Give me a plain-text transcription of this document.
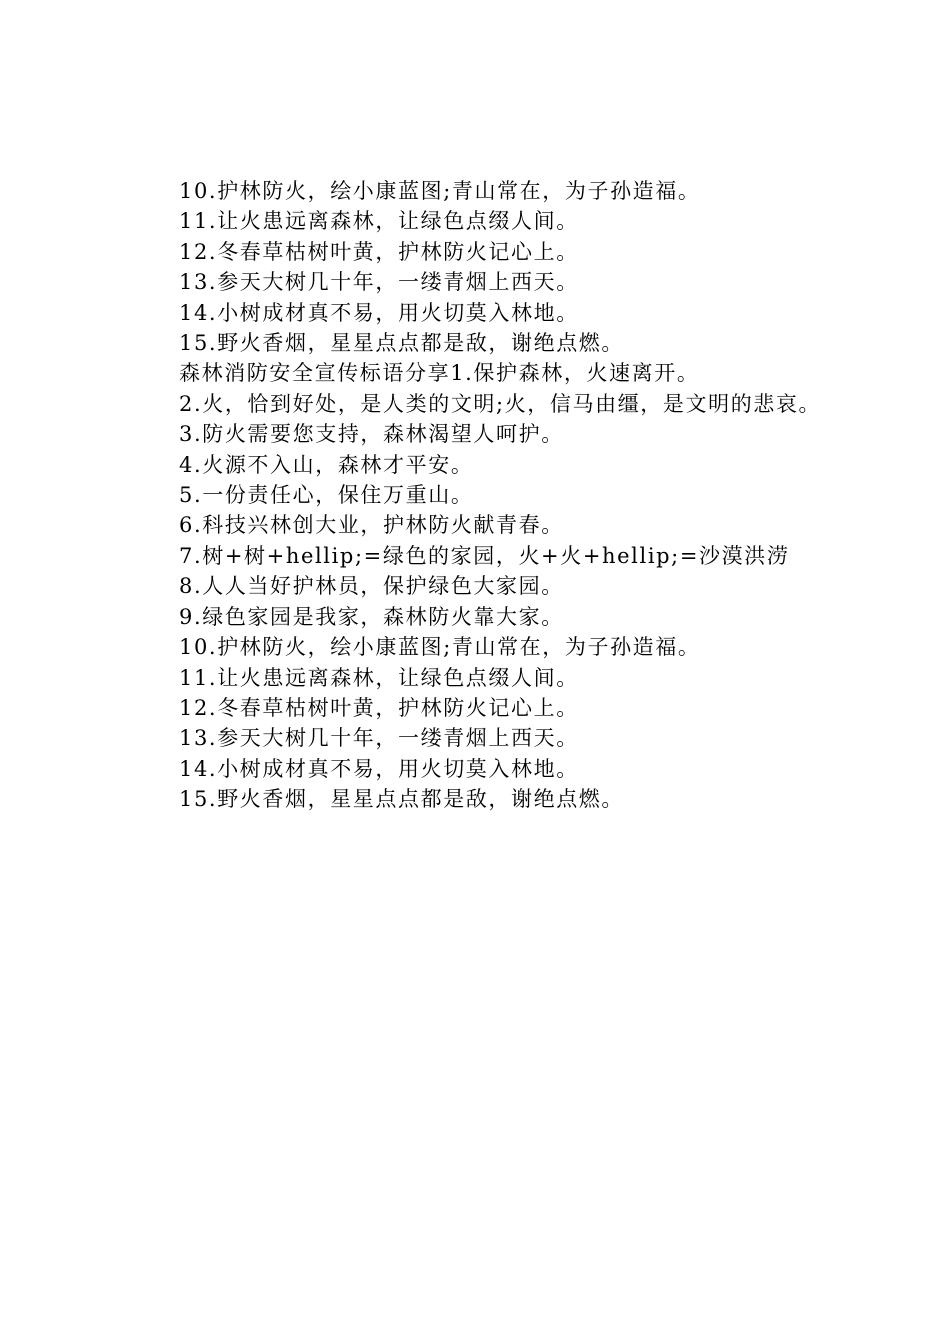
10.护林防火，绘小康蓝图;青山常在，为子孙造福。

11.让火患远离森林，让绿色点缀人间。

12.冬春草枯树叶黄，护林防火记心上。

13.参天大树几十年，一缕青烟上西天。

14.小树成材真不易，用火切莫入林地。

15.野火香烟，星星点点都是敌，谢绝点燃。

森林消防安全宣传标语分享1.保护森林，火速离开。

2.火，恰到好处，是人类的文明;火，信马由缰，是文明的悲哀。

3.防火需要您支持，森林渴望人呵护。

4.火源不入山，森林才平安。

5.一份责任心，保住万重山。

6.科技兴林创大业，护林防火献青春。

7.树+树+hellip;=绿色的家园，火+火+hellip;=沙漠洪涝

8.人人当好护林员，保护绿色大家园。

9.绿色家园是我家，森林防火靠大家。

10.护林防火，绘小康蓝图;青山常在，为子孙造福。

11.让火患远离森林，让绿色点缀人间。

12.冬春草枯树叶黄，护林防火记心上。

13.参天大树几十年，一缕青烟上西天。

14.小树成材真不易，用火切莫入林地。

15.野火香烟，星星点点都是敌，谢绝点燃。
